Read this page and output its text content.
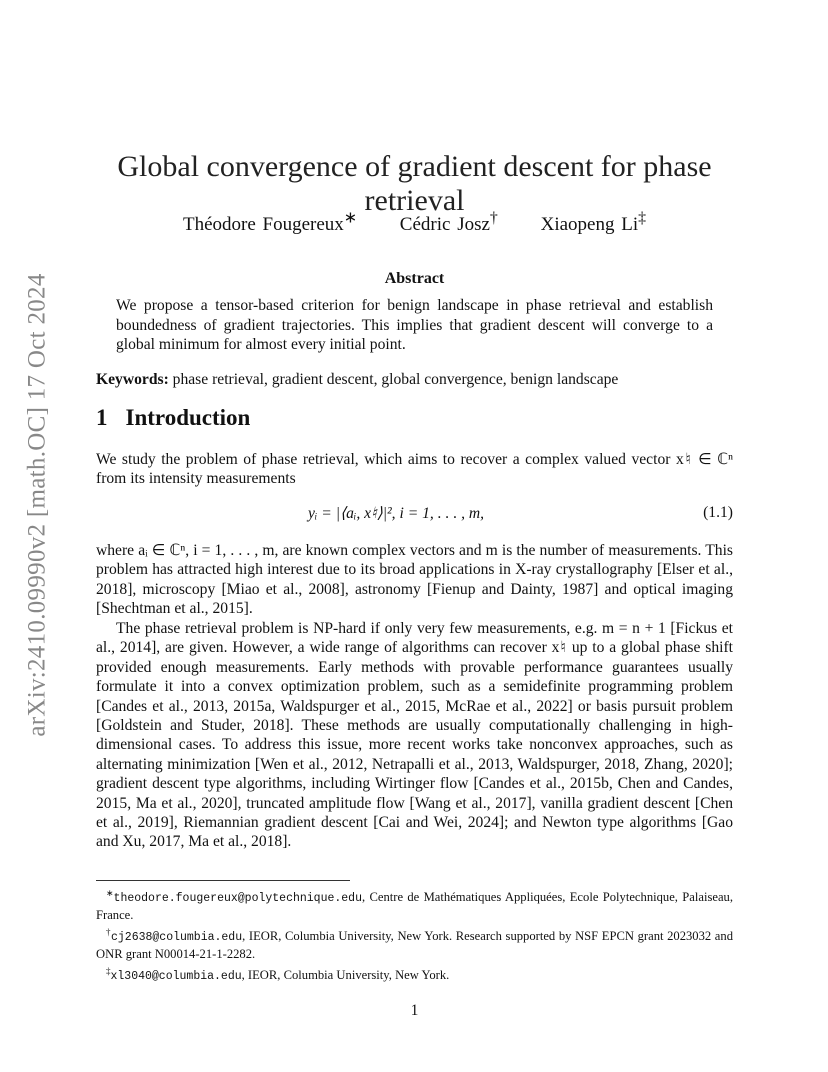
arXiv:2410.09990v2 [math.OC] 17 Oct 2024
Global convergence of gradient descent for phase retrieval
Théodore Fougereux∗ Cédric Josz† Xiaopeng Li‡
Abstract

We propose a tensor-based criterion for benign landscape in phase retrieval and establish boundedness of gradient trajectories. This implies that gradient descent will converge to a global minimum for almost every initial point.

Keywords: phase retrieval, gradient descent, global convergence, benign landscape
1 Introduction

We study the problem of phase retrieval, which aims to recover a complex valued vector x♮ ∈ ℂⁿ from its intensity measurements

yᵢ = |⟨aᵢ, x♮⟩|², i = 1, . . . , m,	(1.1)

where aᵢ ∈ ℂⁿ, i = 1, . . . , m, are known complex vectors and m is the number of measurements. This problem has attracted high interest due to its broad applications in X-ray crystallography [Elser et al., 2018], microscopy [Miao et al., 2008], astronomy [Fienup and Dainty, 1987] and optical imaging [Shechtman et al., 2015].

The phase retrieval problem is NP-hard if only very few measurements, e.g. m = n + 1 [Fickus et al., 2014], are given. However, a wide range of algorithms can recover x♮ up to a global phase shift provided enough measurements. Early methods with provable performance guarantees usually formulate it into a convex optimization problem, such as a semidefinite programming problem [Candes et al., 2013, 2015a, Waldspurger et al., 2015, McRae et al., 2022] or basis pursuit problem [Goldstein and Studer, 2018]. These methods are usually computationally challenging in high-dimensional cases. To address this issue, more recent works take nonconvex approaches, such as alternating minimization [Wen et al., 2012, Netrapalli et al., 2013, Waldspurger, 2018, Zhang, 2020]; gradient descent type algorithms, including Wirtinger flow [Candes et al., 2015b, Chen and Candes, 2015, Ma et al., 2020], truncated amplitude flow [Wang et al., 2017], vanilla gradient descent [Chen et al., 2019], Riemannian gradient descent [Cai and Wei, 2024]; and Newton type algorithms [Gao and Xu, 2017, Ma et al., 2018].

∗theodore.fougereux@polytechnique.edu, Centre de Mathématiques Appliquées, Ecole Polytechnique, Palaiseau, France.

†cj2638@columbia.edu, IEOR, Columbia University, New York. Research supported by NSF EPCN grant 2023032 and ONR grant N00014-21-1-2282.

‡xl3040@columbia.edu, IEOR, Columbia University, New York.

1
